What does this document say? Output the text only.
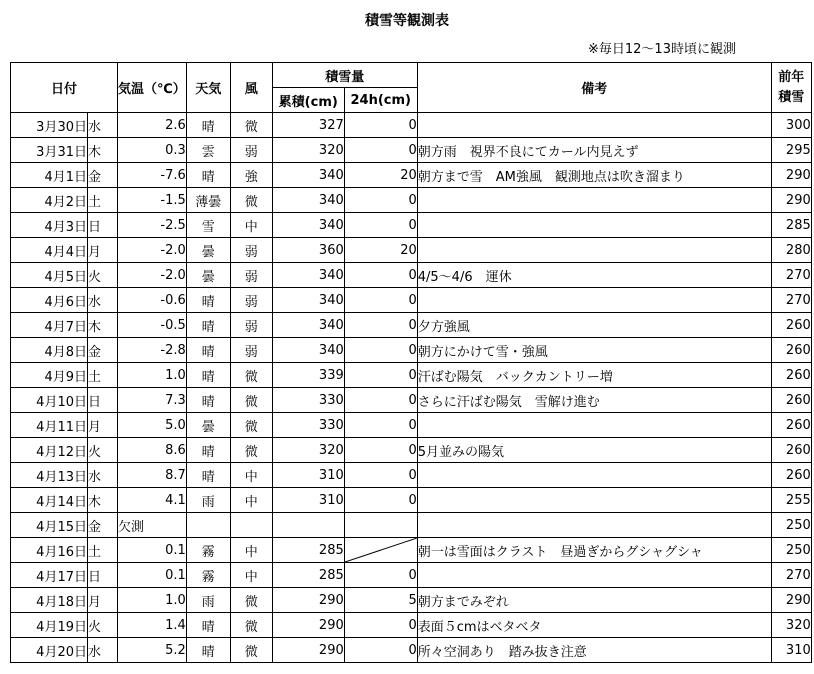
積雪等観測表
※毎日12～13時頃に観測
日付		気温（℃）	天気	風	積雪量		備考	前年
積雪

					累積(cm)	24h(cm)		
3月30日	水	2.6	晴	微	327	0		300
3月31日	木	0.3	雲	弱	320	0	朝方雨　視界不良にてカール内見えず	295
4月1日	金	-7.6	晴	強	340	20	朝方まで雪　AM強風　観測地点は吹き溜まり	290
4月2日	土	-1.5	薄曇	微	340	0		290
4月3日	日	-2.5	雪	中	340	0		285
4月4日	月	-2.0	曇	弱	360	20		280
4月5日	火	-2.0	曇	弱	340	0	4/5～4/6　運休	270
4月6日	水	-0.6	晴	弱	340	0		270
4月7日	木	-0.5	晴	弱	340	0	夕方強風	260
4月8日	金	-2.8	晴	弱	340	0	朝方にかけて雪・強風	260
4月9日	土	1.0	晴	微	339	0	汗ばむ陽気　バックカントリー増	260
4月10日	日	7.3	晴	微	330	0	さらに汗ばむ陽気　雪解け進む	260
4月11日	月	5.0	曇	微	330	0		260
4月12日	火	8.6	晴	微	320	0	5月並みの陽気	260
4月13日	水	8.7	晴	中	310	0		260
4月14日	木	4.1	雨	中	310	0		255
4月15日	金	欠測						250
4月16日	土	0.1	霧	中	285		朝一は雪面はクラスト　昼過ぎからグシャグシャ	250
4月17日	日	0.1	霧	中	285	0		270
4月18日	月	1.0	雨	微	290	5	朝方までみぞれ	290
4月19日	火	1.4	晴	微	290	0	表面５cmはベタベタ	320
4月20日	水	5.2	晴	微	290	0	所々空洞あり　踏み抜き注意	310
